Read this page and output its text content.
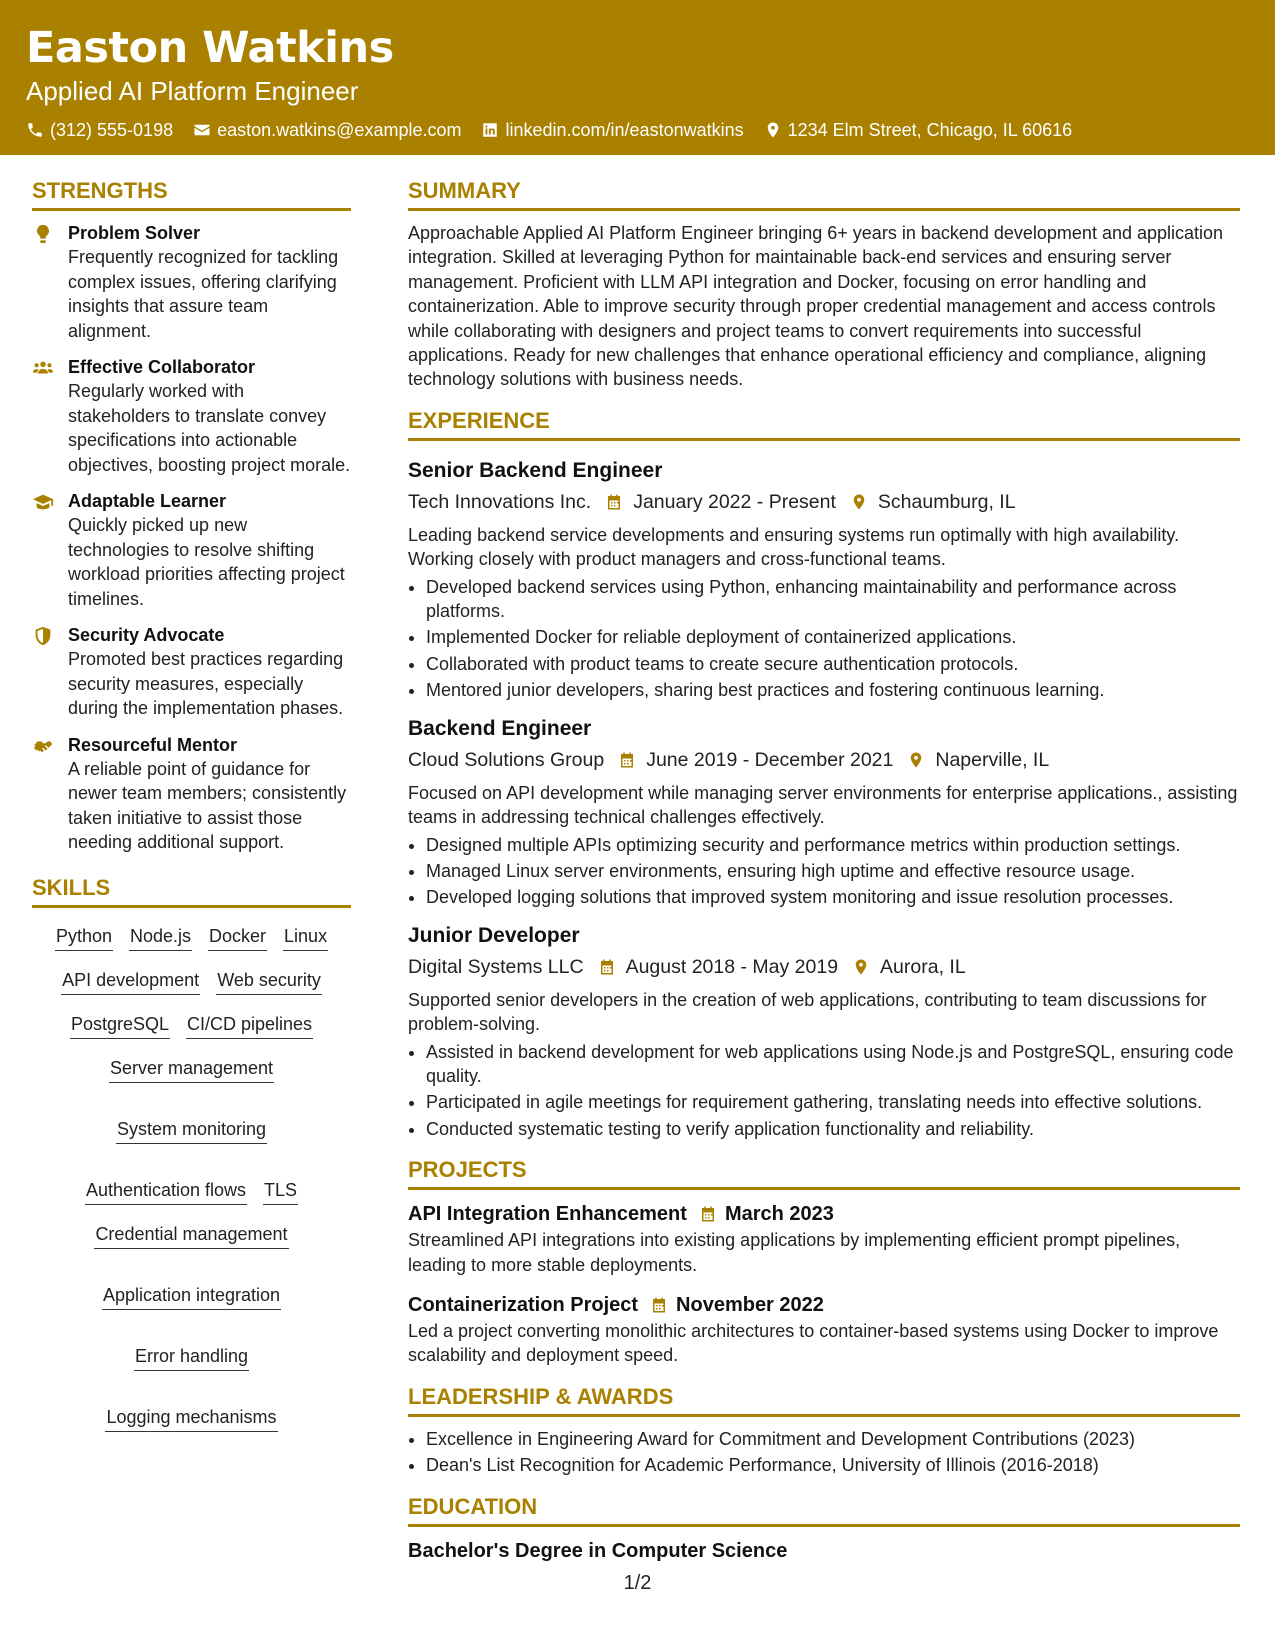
Easton Watkins
Applied AI Platform Engineer
(312) 555-0198 easton.watkins@example.com linkedin.com/in/eastonwatkins 1234 Elm Street, Chicago, IL 60616
STRENGTHS
Problem Solver
Frequently recognized for tackling complex issues, offering clarifying insights that assure team alignment.
Effective Collaborator
Regularly worked with stakeholders to translate convey specifications into actionable objectives, boosting project morale.
Adaptable Learner
Quickly picked up new technologies to resolve shifting workload priorities affecting project timelines.
Security Advocate
Promoted best practices regarding security measures, especially during the implementation phases.
Resourceful Mentor
A reliable point of guidance for newer team members; consistently taken initiative to assist those needing additional support.
SKILLS
Python Node.js Docker Linux
API development Web security
PostgreSQL CI/CD pipelines
Server management
System monitoring
Authentication flows TLS
Credential management
Application integration
Error handling
Logging mechanisms
SUMMARY
Approachable Applied AI Platform Engineer bringing 6+ years in backend development and application integration. Skilled at leveraging Python for maintainable back-end services and ensuring server management. Proficient with LLM API integration and Docker, focusing on error handling and containerization. Able to improve security through proper credential management and access controls while collaborating with designers and project teams to convert requirements into successful applications. Ready for new challenges that enhance operational efficiency and compliance, aligning technology solutions with business needs.
EXPERIENCE
Senior Backend Engineer
Tech Innovations Inc. January 2022 - Present Schaumburg, IL
Leading backend service developments and ensuring systems run optimally with high availability. Working closely with product managers and cross-functional teams.
• Developed backend services using Python, enhancing maintainability and performance across platforms.
• Implemented Docker for reliable deployment of containerized applications.
• Collaborated with product teams to create secure authentication protocols.
• Mentored junior developers, sharing best practices and fostering continuous learning.
Backend Engineer
Cloud Solutions Group June 2019 - December 2021 Naperville, IL
Focused on API development while managing server environments for enterprise applications., assisting teams in addressing technical challenges effectively.
• Designed multiple APIs optimizing security and performance metrics within production settings.
• Managed Linux server environments, ensuring high uptime and effective resource usage.
• Developed logging solutions that improved system monitoring and issue resolution processes.
Junior Developer
Digital Systems LLC August 2018 - May 2019 Aurora, IL
Supported senior developers in the creation of web applications, contributing to team discussions for problem-solving.
• Assisted in backend development for web applications using Node.js and PostgreSQL, ensuring code quality.
• Participated in agile meetings for requirement gathering, translating needs into effective solutions.
• Conducted systematic testing to verify application functionality and reliability.
PROJECTS
API Integration Enhancement March 2023
Streamlined API integrations into existing applications by implementing efficient prompt pipelines, leading to more stable deployments.
Containerization Project November 2022
Led a project converting monolithic architectures to container-based systems using Docker to improve scalability and deployment speed.
LEADERSHIP & AWARDS
• Excellence in Engineering Award for Commitment and Development Contributions (2023)
• Dean's List Recognition for Academic Performance, University of Illinois (2016-2018)
EDUCATION
Bachelor's Degree in Computer Science
1/2
